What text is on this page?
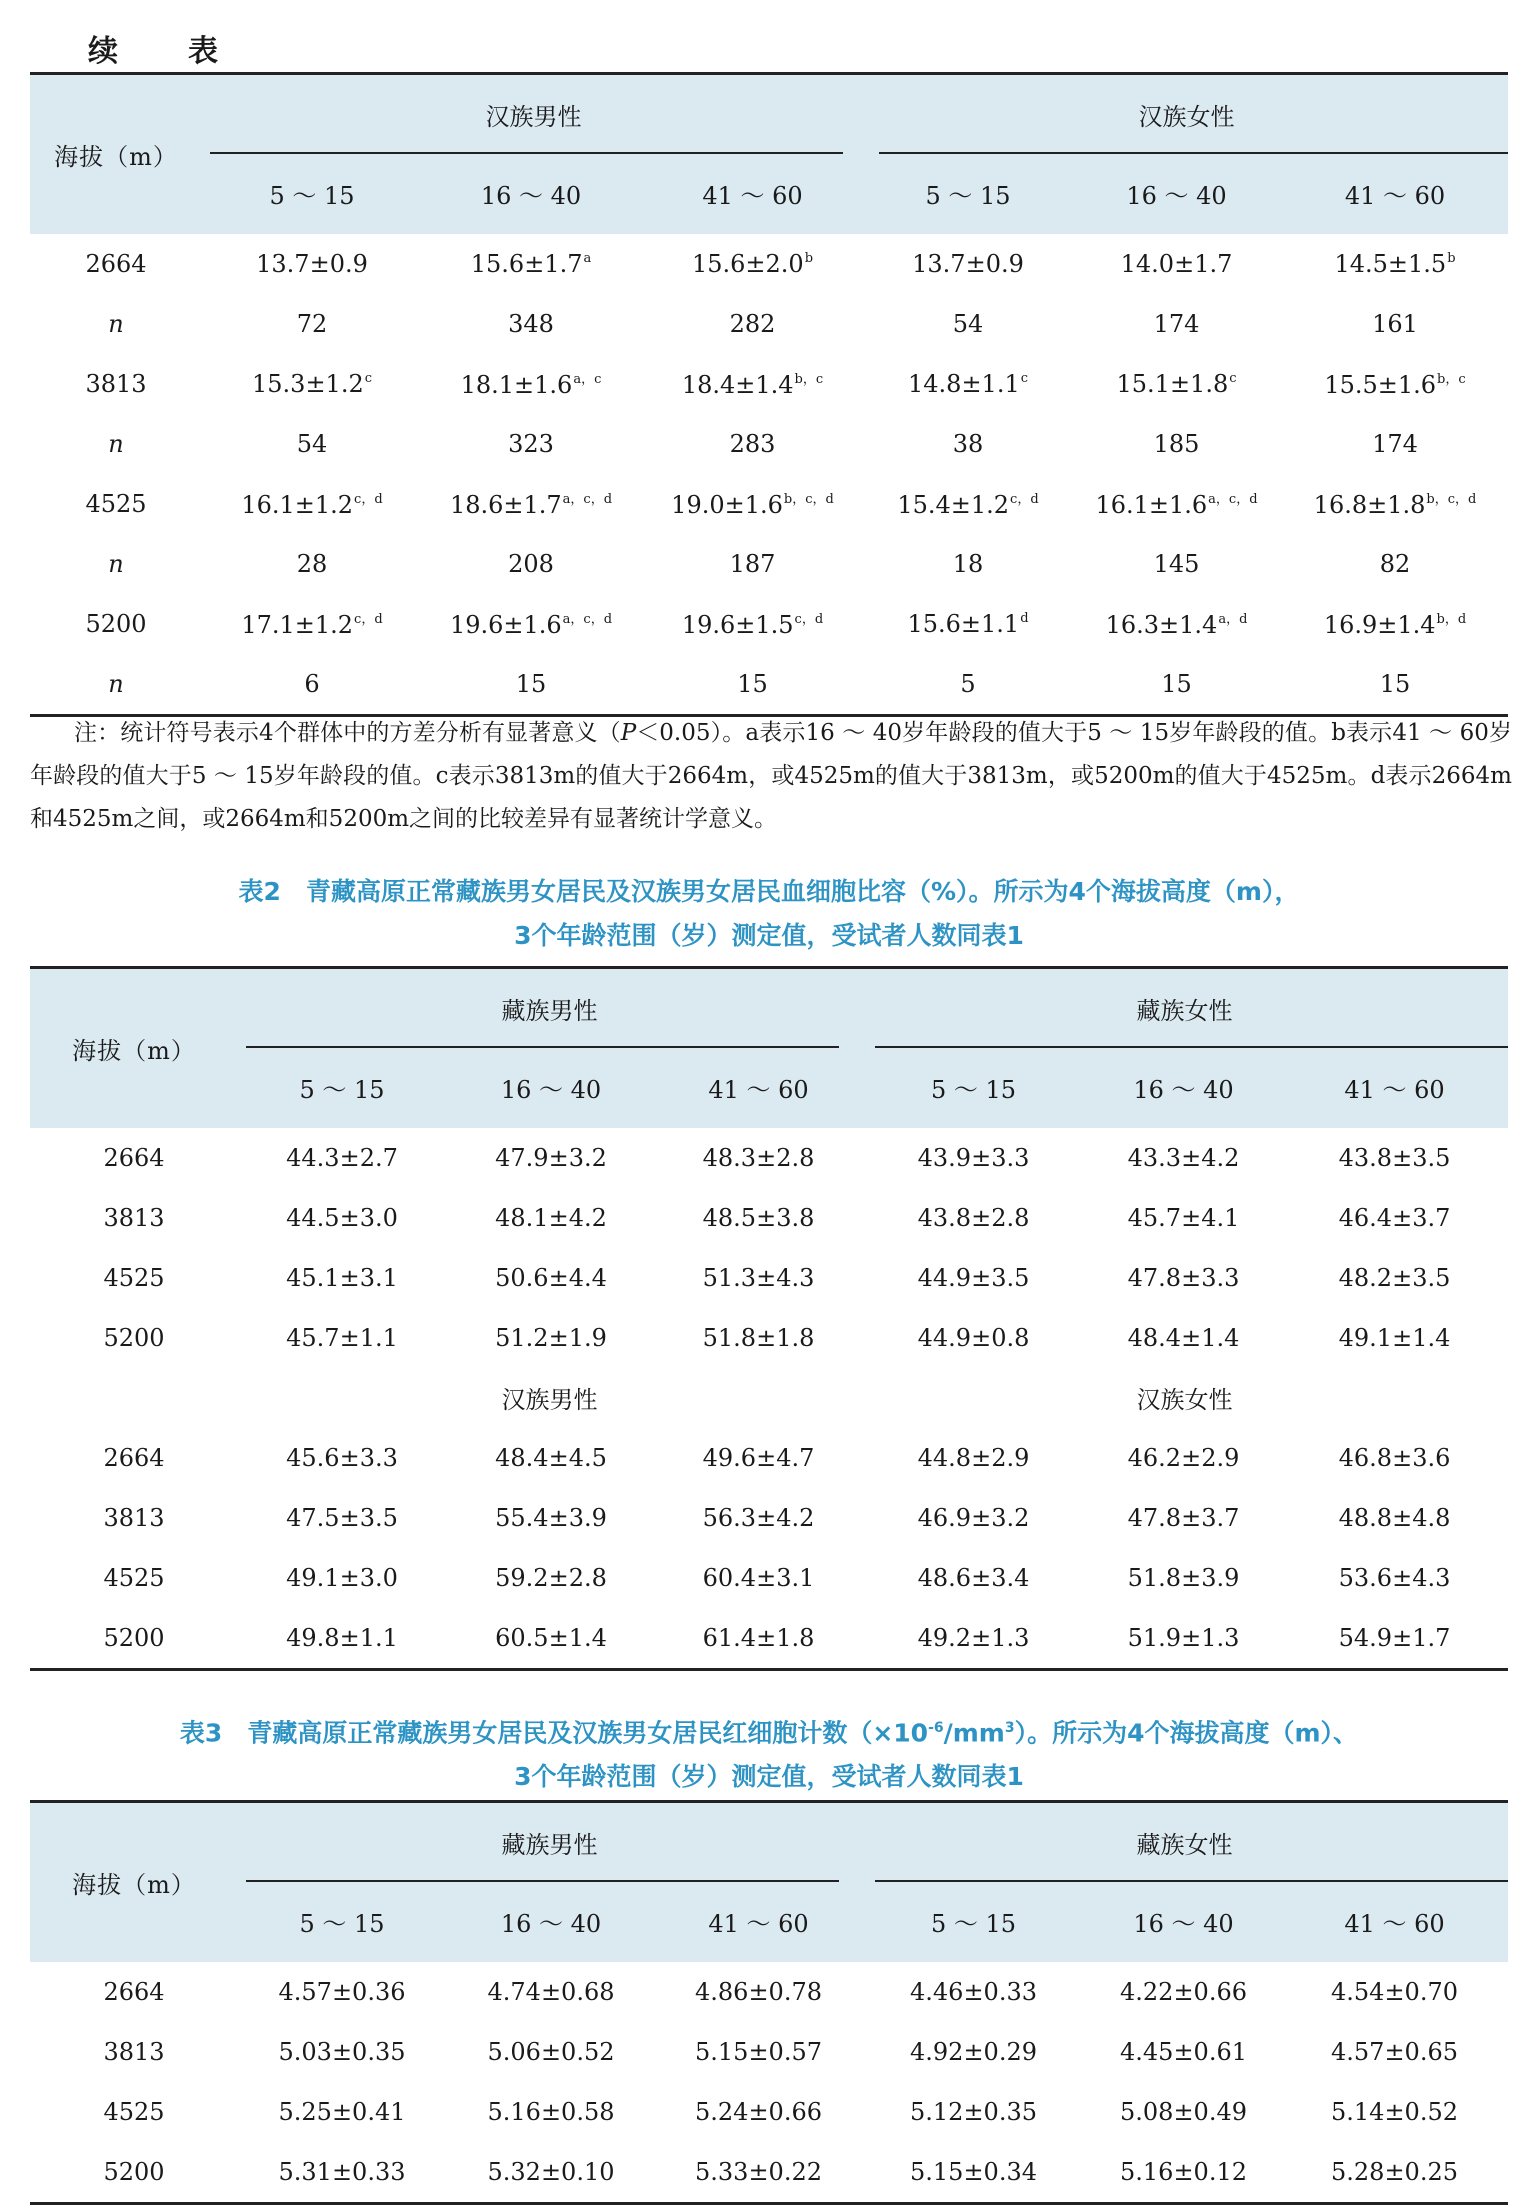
续　表
海拔（m）	汉族男性			汉族女性		

	5 ～ 15	16 ～ 40	41 ～ 60	5 ～ 15	16 ～ 40	41 ～ 60
2664	13.7±0.9	15.6±1.7$^a$	15.6±2.0$^b$	13.7±0.9	14.0±1.7	14.5±1.5$^b$
n	72	348	282	54	174	161
3813	15.3±1.2$^c$	$18.1\pm 1.6^{a,c}$	$18.4\pm 1.4^{b,c}$	14.8±1.1$^c$	15.1±1.8$^c$	$15.5\pm 1.6^{b,c}$
n	54	323	283	38	185	174
4525	$16.1\pm 1.2^{c,d}$	$18.6\pm 1.7^{a,c,d}$	$19.0\pm 1.6^{b,c,d}$	$15.4\pm 1.2^{c,d}$	$16.1\pm 1.6^{a,c,d}$	$16.8\pm 1.8^{b,c,d}$
n	28	208	187	18	145	82
5200	$17.1\pm 1.2^{c,d}$	$19.6\pm 1.6^{a,c,d}$	$19.6\pm 1.5^{c,d}$	15.6±1.1$^d$	$16.3\pm 1.4^{a,d}$	$16.9\pm 1.4^{b,d}$
n	6	15	15	5	15	15
注：统计符号表示4个群体中的方差分析有显著意义（P＜0.05）。a表示16 ～ 40岁年龄段的值大于5 ～ 15岁年龄段的值。b表示41 ～ 60岁年龄段的值大于5 ～ 15岁年龄段的值。c表示3813m的值大于2664m，或4525m的值大于3813m，或5200m的值大于4525m。d表示2664m和4525m之间，或2664m和5200m之间的比较差异有显著统计学意义。
表2　青藏高原正常藏族男女居民及汉族男女居民血细胞比容（%）。所示为4个海拔高度（m），
3个年龄范围（岁）测定值，受试者人数同表1
海拔（m）	藏族男性			藏族女性		

	5 ～ 15	16 ～ 40	41 ～ 60	5 ～ 15	16 ～ 40	41 ～ 60
2664	44.3±2.7	47.9±3.2	48.3±2.8	43.9±3.3	43.3±4.2	43.8±3.5
3813	44.5±3.0	48.1±4.2	48.5±3.8	43.8±2.8	45.7±4.1	46.4±3.7
4525	45.1±3.1	50.6±4.4	51.3±4.3	44.9±3.5	47.8±3.3	48.2±3.5
5200	45.7±1.1	51.2±1.9	51.8±1.8	44.9±0.8	48.4±1.4	49.1±1.4
	汉族男性			汉族女性		
2664	45.6±3.3	48.4±4.5	49.6±4.7	44.8±2.9	46.2±2.9	46.8±3.6
3813	47.5±3.5	55.4±3.9	56.3±4.2	46.9±3.2	47.8±3.7	48.8±4.8
4525	49.1±3.0	59.2±2.8	60.4±3.1	48.6±3.4	51.8±3.9	53.6±4.3
5200	49.8±1.1	60.5±1.4	61.4±1.8	49.2±1.3	51.9±1.3	54.9±1.7
表3　青藏高原正常藏族男女居民及汉族男女居民红细胞计数$(\times 10^{-6}/mm^3)$。所示为4个海拔高度（m）、
3个年龄范围（岁）测定值，受试者人数同表1
海拔（m）	藏族男性			藏族女性		

	5 ～ 15	16 ～ 40	41 ～ 60	5 ～ 15	16 ～ 40	41 ～ 60
2664	4.57±0.36	4.74±0.68	4.86±0.78	4.46±0.33	4.22±0.66	4.54±0.70
3813	5.03±0.35	5.06±0.52	5.15±0.57	4.92±0.29	4.45±0.61	4.57±0.65
4525	5.25±0.41	5.16±0.58	5.24±0.66	5.12±0.35	5.08±0.49	5.14±0.52
5200	5.31±0.33	5.32±0.10	5.33±0.22	5.15±0.34	5.16±0.12	5.28±0.25
